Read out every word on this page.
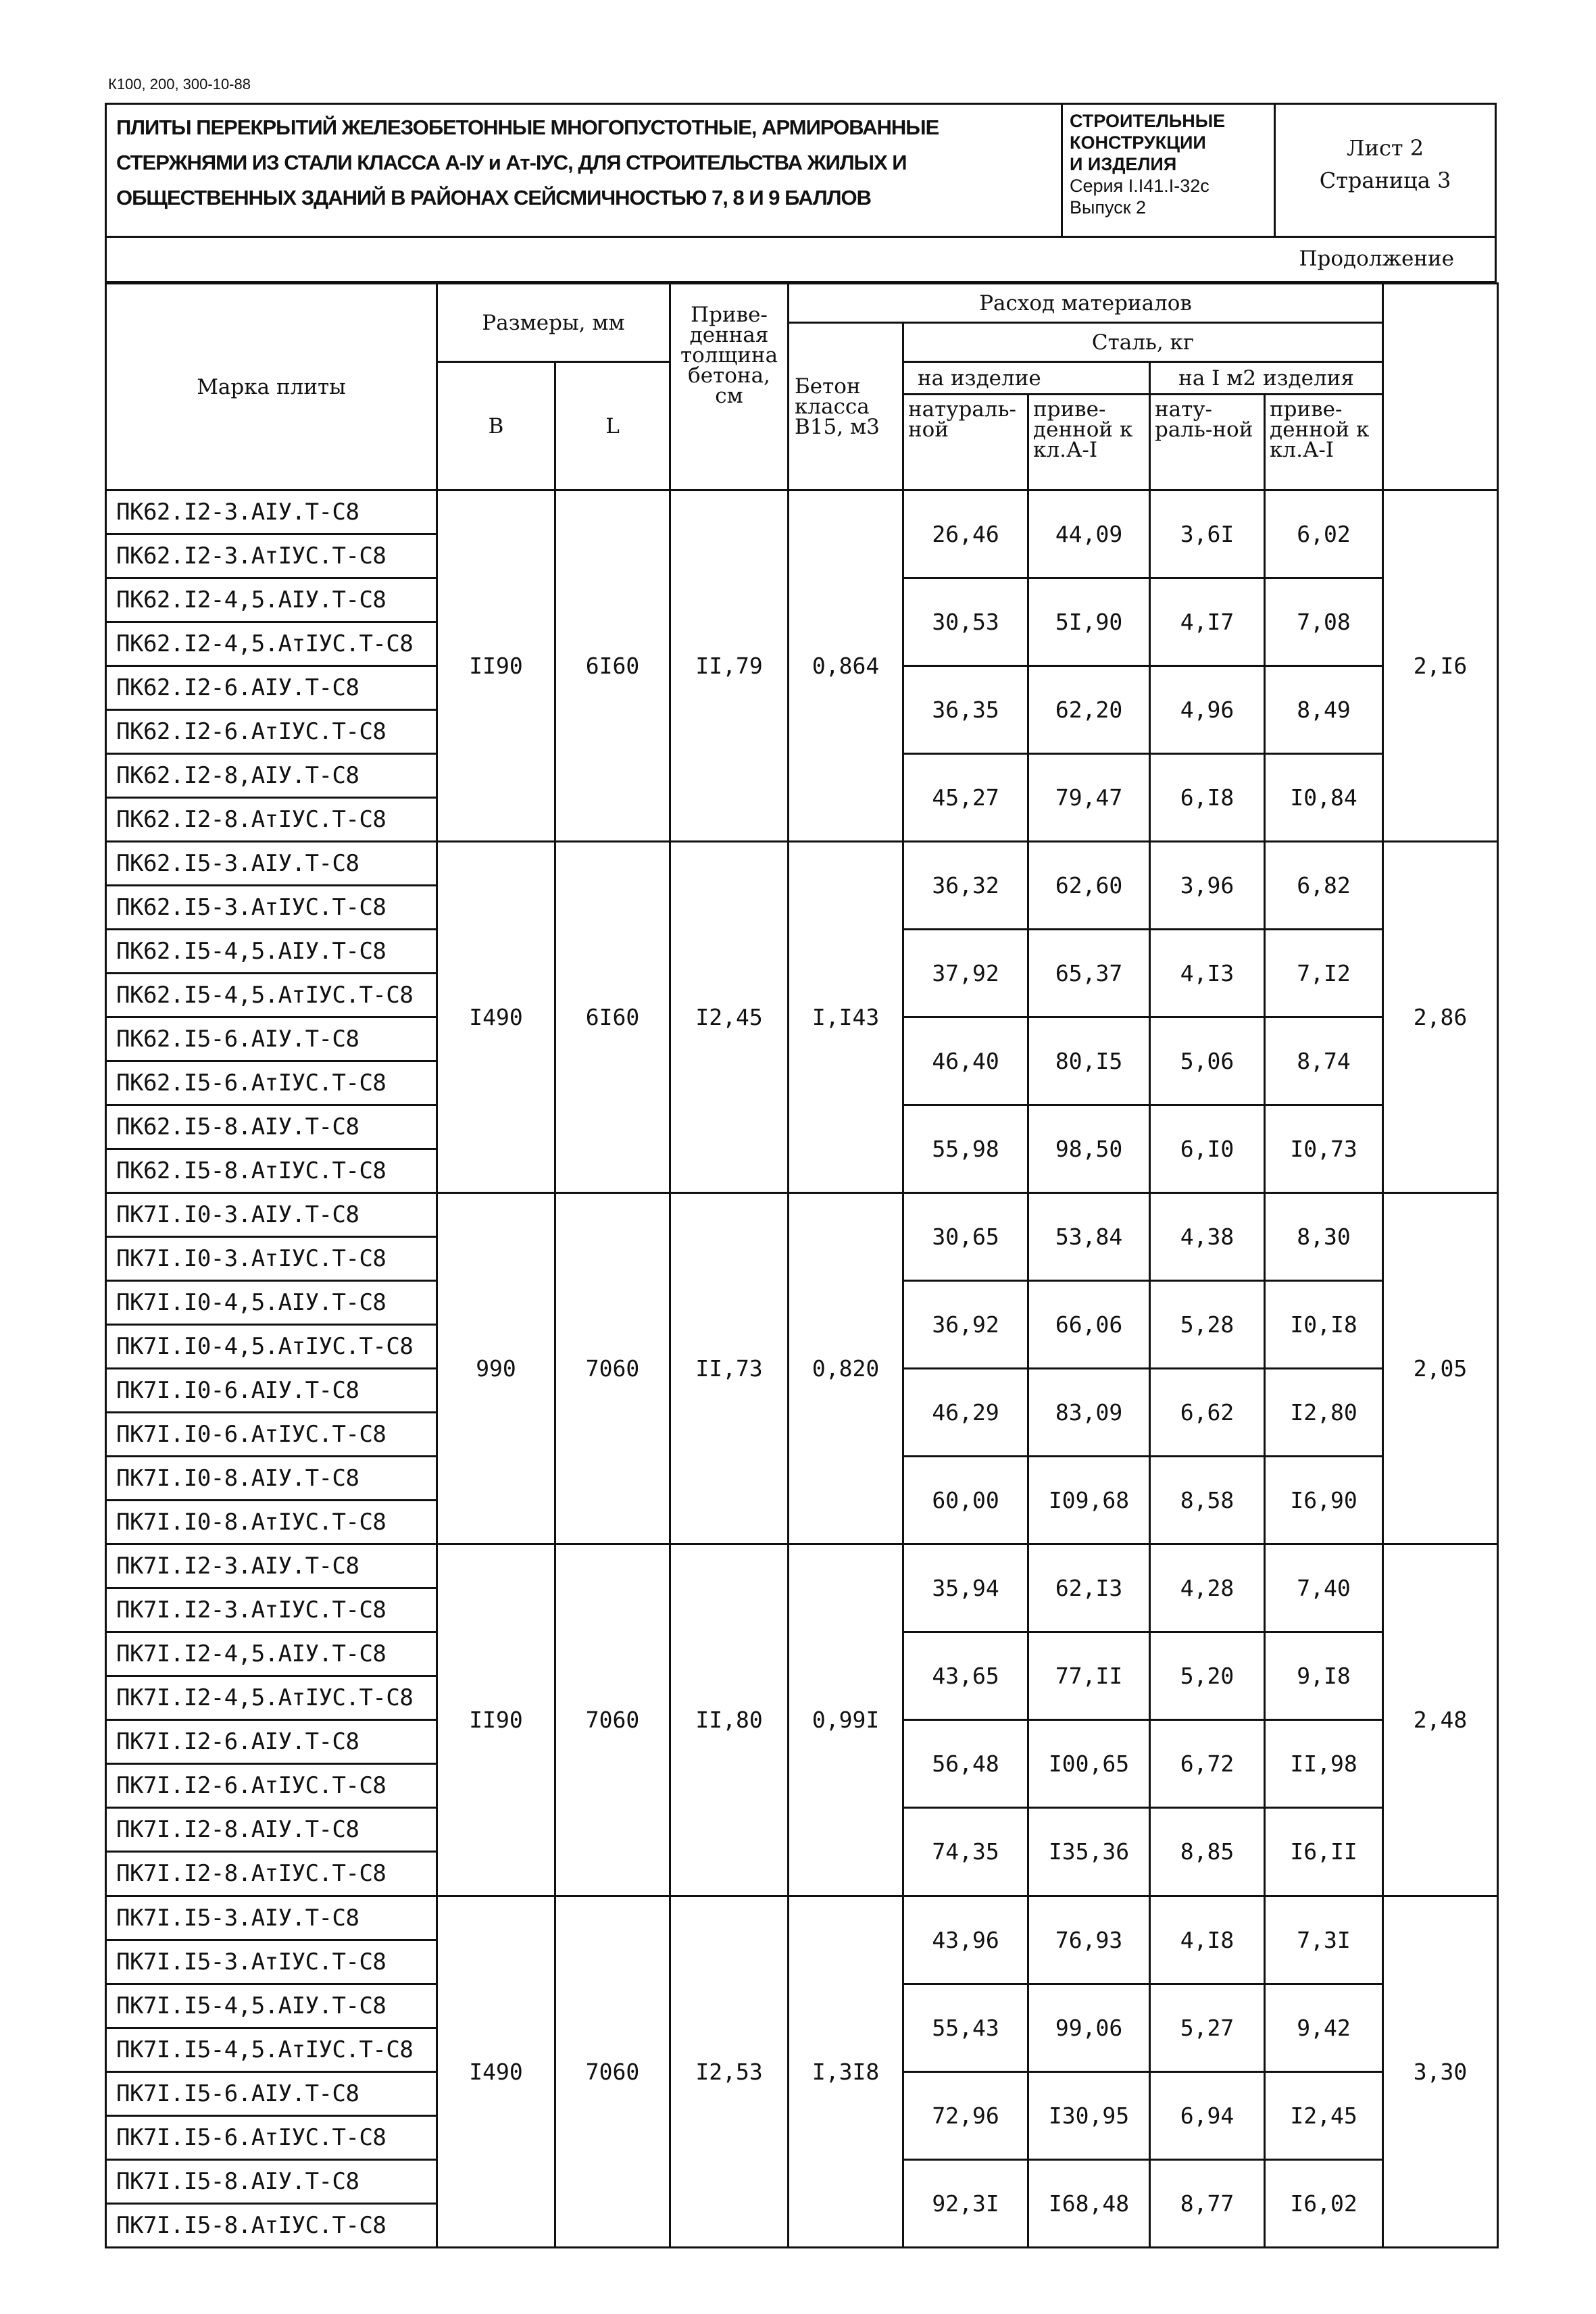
К100, 200, 300-10-88
ПЛИТЫ ПЕРЕКРЫТИЙ ЖЕЛЕЗОБЕТОННЫЕ МНОГОПУСТОТНЫЕ, АРМИРОВАННЫЕ СТЕРЖНЯМИ ИЗ СТАЛИ КЛАССА А-IУ и Ат-IУС, ДЛЯ СТРОИТЕЛЬСТВА ЖИЛЫХ И ОБЩЕСТВЕННЫХ ЗДАНИЙ В РАЙОНАХ СЕЙСМИЧНОСТЬЮ 7, 8 И 9 БАЛЛОВ
СТРОИТЕЛЬНЫЕ
КОНСТРУКЦИИ
И ИЗДЕЛИЯ
Серия I.I41.I-32c
Выпуск 2
Лист 2
Страница 3
Продолжение
Марка плиты	Размеры, мм		Приве-денная толщина бетона, см	Расход материалов					
				Бетон класса В15, м3	Сталь, кг				
	В	L			на изделие		на I м2 изделия		
					натураль-ной	приве-денной к кл.А-I	нату-раль-ной	приве-денной к кл.А-I	
ПК62.I2-3.АIУ.Т-С8	II90	6I60	II,79	0,864	26,46	44,09	3,6I	6,02	2,I6
ПК62.I2-3.АтIУС.Т-С8									
ПК62.I2-4,5.АIУ.Т-С8					30,53	5I,90	4,I7	7,08	
ПК62.I2-4,5.АтIУС.Т-С8									
ПК62.I2-6.АIУ.Т-С8					36,35	62,20	4,96	8,49	
ПК62.I2-6.АтIУС.Т-С8									
ПК62.I2-8,АIУ.Т-С8					45,27	79,47	6,I8	I0,84	
ПК62.I2-8.АтIУС.Т-С8									
ПК62.I5-3.АIУ.Т-С8	I490	6I60	I2,45	I,I43	36,32	62,60	3,96	6,82	2,86
ПК62.I5-3.АтIУС.Т-С8									
ПК62.I5-4,5.АIУ.Т-С8					37,92	65,37	4,I3	7,I2	
ПК62.I5-4,5.АтIУС.Т-С8									
ПК62.I5-6.АIУ.Т-С8					46,40	80,I5	5,06	8,74	
ПК62.I5-6.АтIУС.Т-С8									
ПК62.I5-8.АIУ.Т-С8					55,98	98,50	6,I0	I0,73	
ПК62.I5-8.АтIУС.Т-С8									
ПК7I.I0-3.АIУ.Т-С8	990	7060	II,73	0,820	30,65	53,84	4,38	8,30	2,05
ПК7I.I0-3.АтIУС.Т-С8									
ПК7I.I0-4,5.АIУ.Т-С8					36,92	66,06	5,28	I0,I8	
ПК7I.I0-4,5.АтIУС.Т-С8									
ПК7I.I0-6.АIУ.Т-С8					46,29	83,09	6,62	I2,80	
ПК7I.I0-6.АтIУС.Т-С8									
ПК7I.I0-8.АIУ.Т-С8					60,00	I09,68	8,58	I6,90	
ПК7I.I0-8.АтIУС.Т-С8									
ПК7I.I2-3.АIУ.Т-С8	II90	7060	II,80	0,99I	35,94	62,I3	4,28	7,40	2,48
ПК7I.I2-3.АтIУС.Т-С8									
ПК7I.I2-4,5.АIУ.Т-С8					43,65	77,II	5,20	9,I8	
ПК7I.I2-4,5.АтIУС.Т-С8									
ПК7I.I2-6.АIУ.Т-С8					56,48	I00,65	6,72	II,98	
ПК7I.I2-6.АтIУС.Т-С8									
ПК7I.I2-8.АIУ.Т-С8					74,35	I35,36	8,85	I6,II	
ПК7I.I2-8.АтIУС.Т-С8									
ПК7I.I5-3.АIУ.Т-С8	I490	7060	I2,53	I,3I8	43,96	76,93	4,I8	7,3I	3,30
ПК7I.I5-3.АтIУС.Т-С8									
ПК7I.I5-4,5.АIУ.Т-С8					55,43	99,06	5,27	9,42	
ПК7I.I5-4,5.АтIУС.Т-С8									
ПК7I.I5-6.АIУ.Т-С8					72,96	I30,95	6,94	I2,45	
ПК7I.I5-6.АтIУС.Т-С8									
ПК7I.I5-8.АIУ.Т-С8					92,3I	I68,48	8,77	I6,02	
ПК7I.I5-8.АтIУС.Т-С8									
